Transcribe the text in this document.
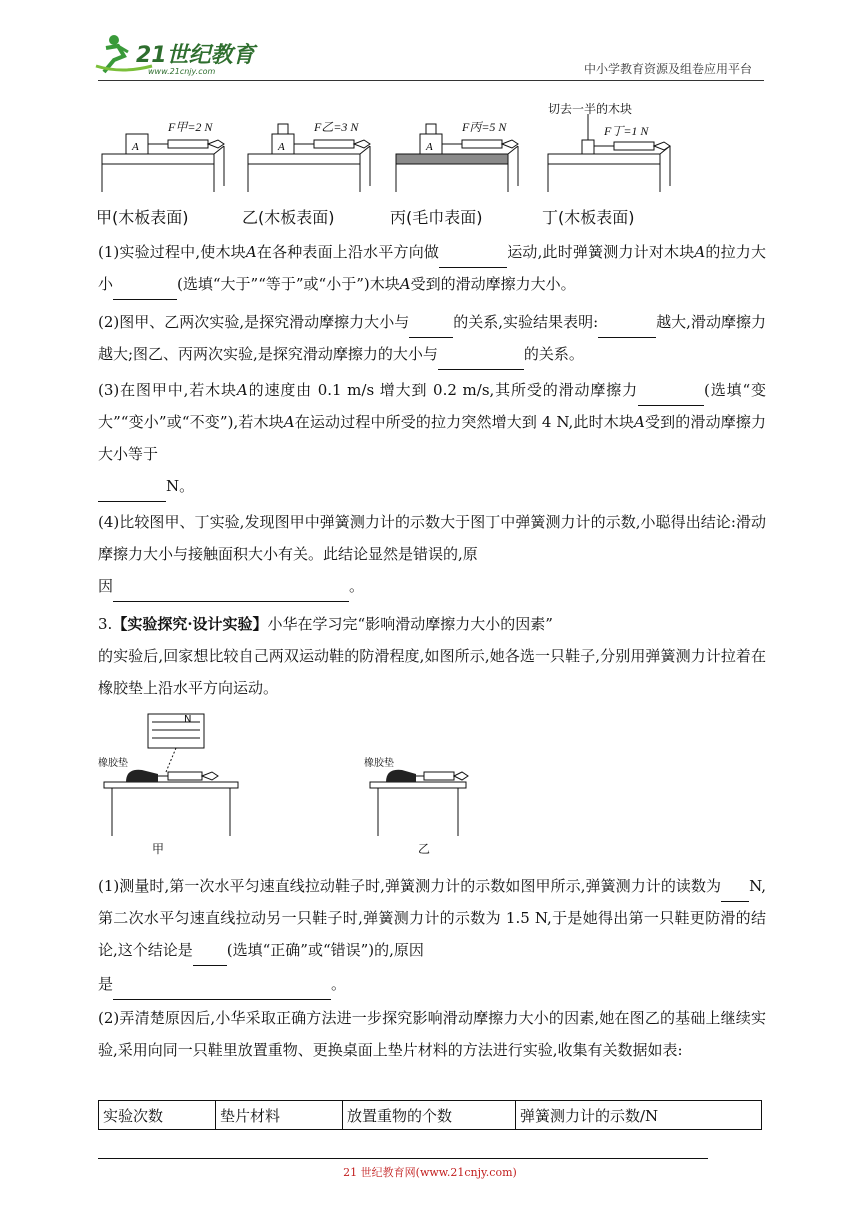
21世纪教育
www.21cnjy.com	中小学教育资源及组卷应用平台
A
F甲=2 N
甲(木板表面)
A
F乙=3 N
乙(木板表面)
A
F丙=5 N
丙(毛巾表面)
切去一半的木块
F丁=1 N
丁(木板表面)
(1)实验过程中,使木块A在各种表面上沿水平方向做	运动,此时弹簧测力计对木块A的拉力大小	(选填“大于”“等于”或“小于”)木块A受到的滑动摩擦力大小。
(2)图甲、乙两次实验,是探究滑动摩擦力大小与	的关系,实验结果表明:	越大,滑动摩擦力越大;图乙、丙两次实验,是探究滑动摩擦力的大小与	的关系。
(3)在图甲中,若木块A的速度由 0.1 m/s 增大到 0.2 m/s,其所受的滑动摩擦力	(选填“变大”“变小”或“不变”),若木块A在运动过程中所受的拉力突然增大到 4 N,此时木块A受到的滑动摩擦力大小等于
N。
(4)比较图甲、丁实验,发现图甲中弹簧测力计的示数大于图丁中弹簧测力计的示数,小聪得出结论:滑动摩擦力大小与接触面积大小有关。此结论显然是错误的,原
因	。
3.【实验探究·设计实验】小华在学习完“影响滑动摩擦力大小的因素”
的实验后,回家想比较自己两双运动鞋的防滑程度,如图所示,她各选一只鞋子,分别用弹簧测力计拉着在橡胶垫上沿水平方向运动。
N
橡胶垫	橡胶垫
甲	乙
(1)测量时,第一次水平匀速直线拉动鞋子时,弹簧测力计的示数如图甲所示,弹簧测力计的读数为 N,第二次水平匀速直线拉动另一只鞋子时,弹簧测力计的示数为 1.5 N,于是她得出第一只鞋更防滑的结论,这个结论是 (选填“正确”或“错误”)的,原因
是	。
(2)弄清楚原因后,小华采取正确方法进一步探究影响滑动摩擦力大小的因素,她在图乙的基础上继续实验,采用向同一只鞋里放置重物、更换桌面上垫片材料的方法进行实验,收集有关数据如表:
实验次数	垫片材料	放置重物的个数	弹簧测力计的示数/N
21 世纪教育网(www.21cnjy.com)
